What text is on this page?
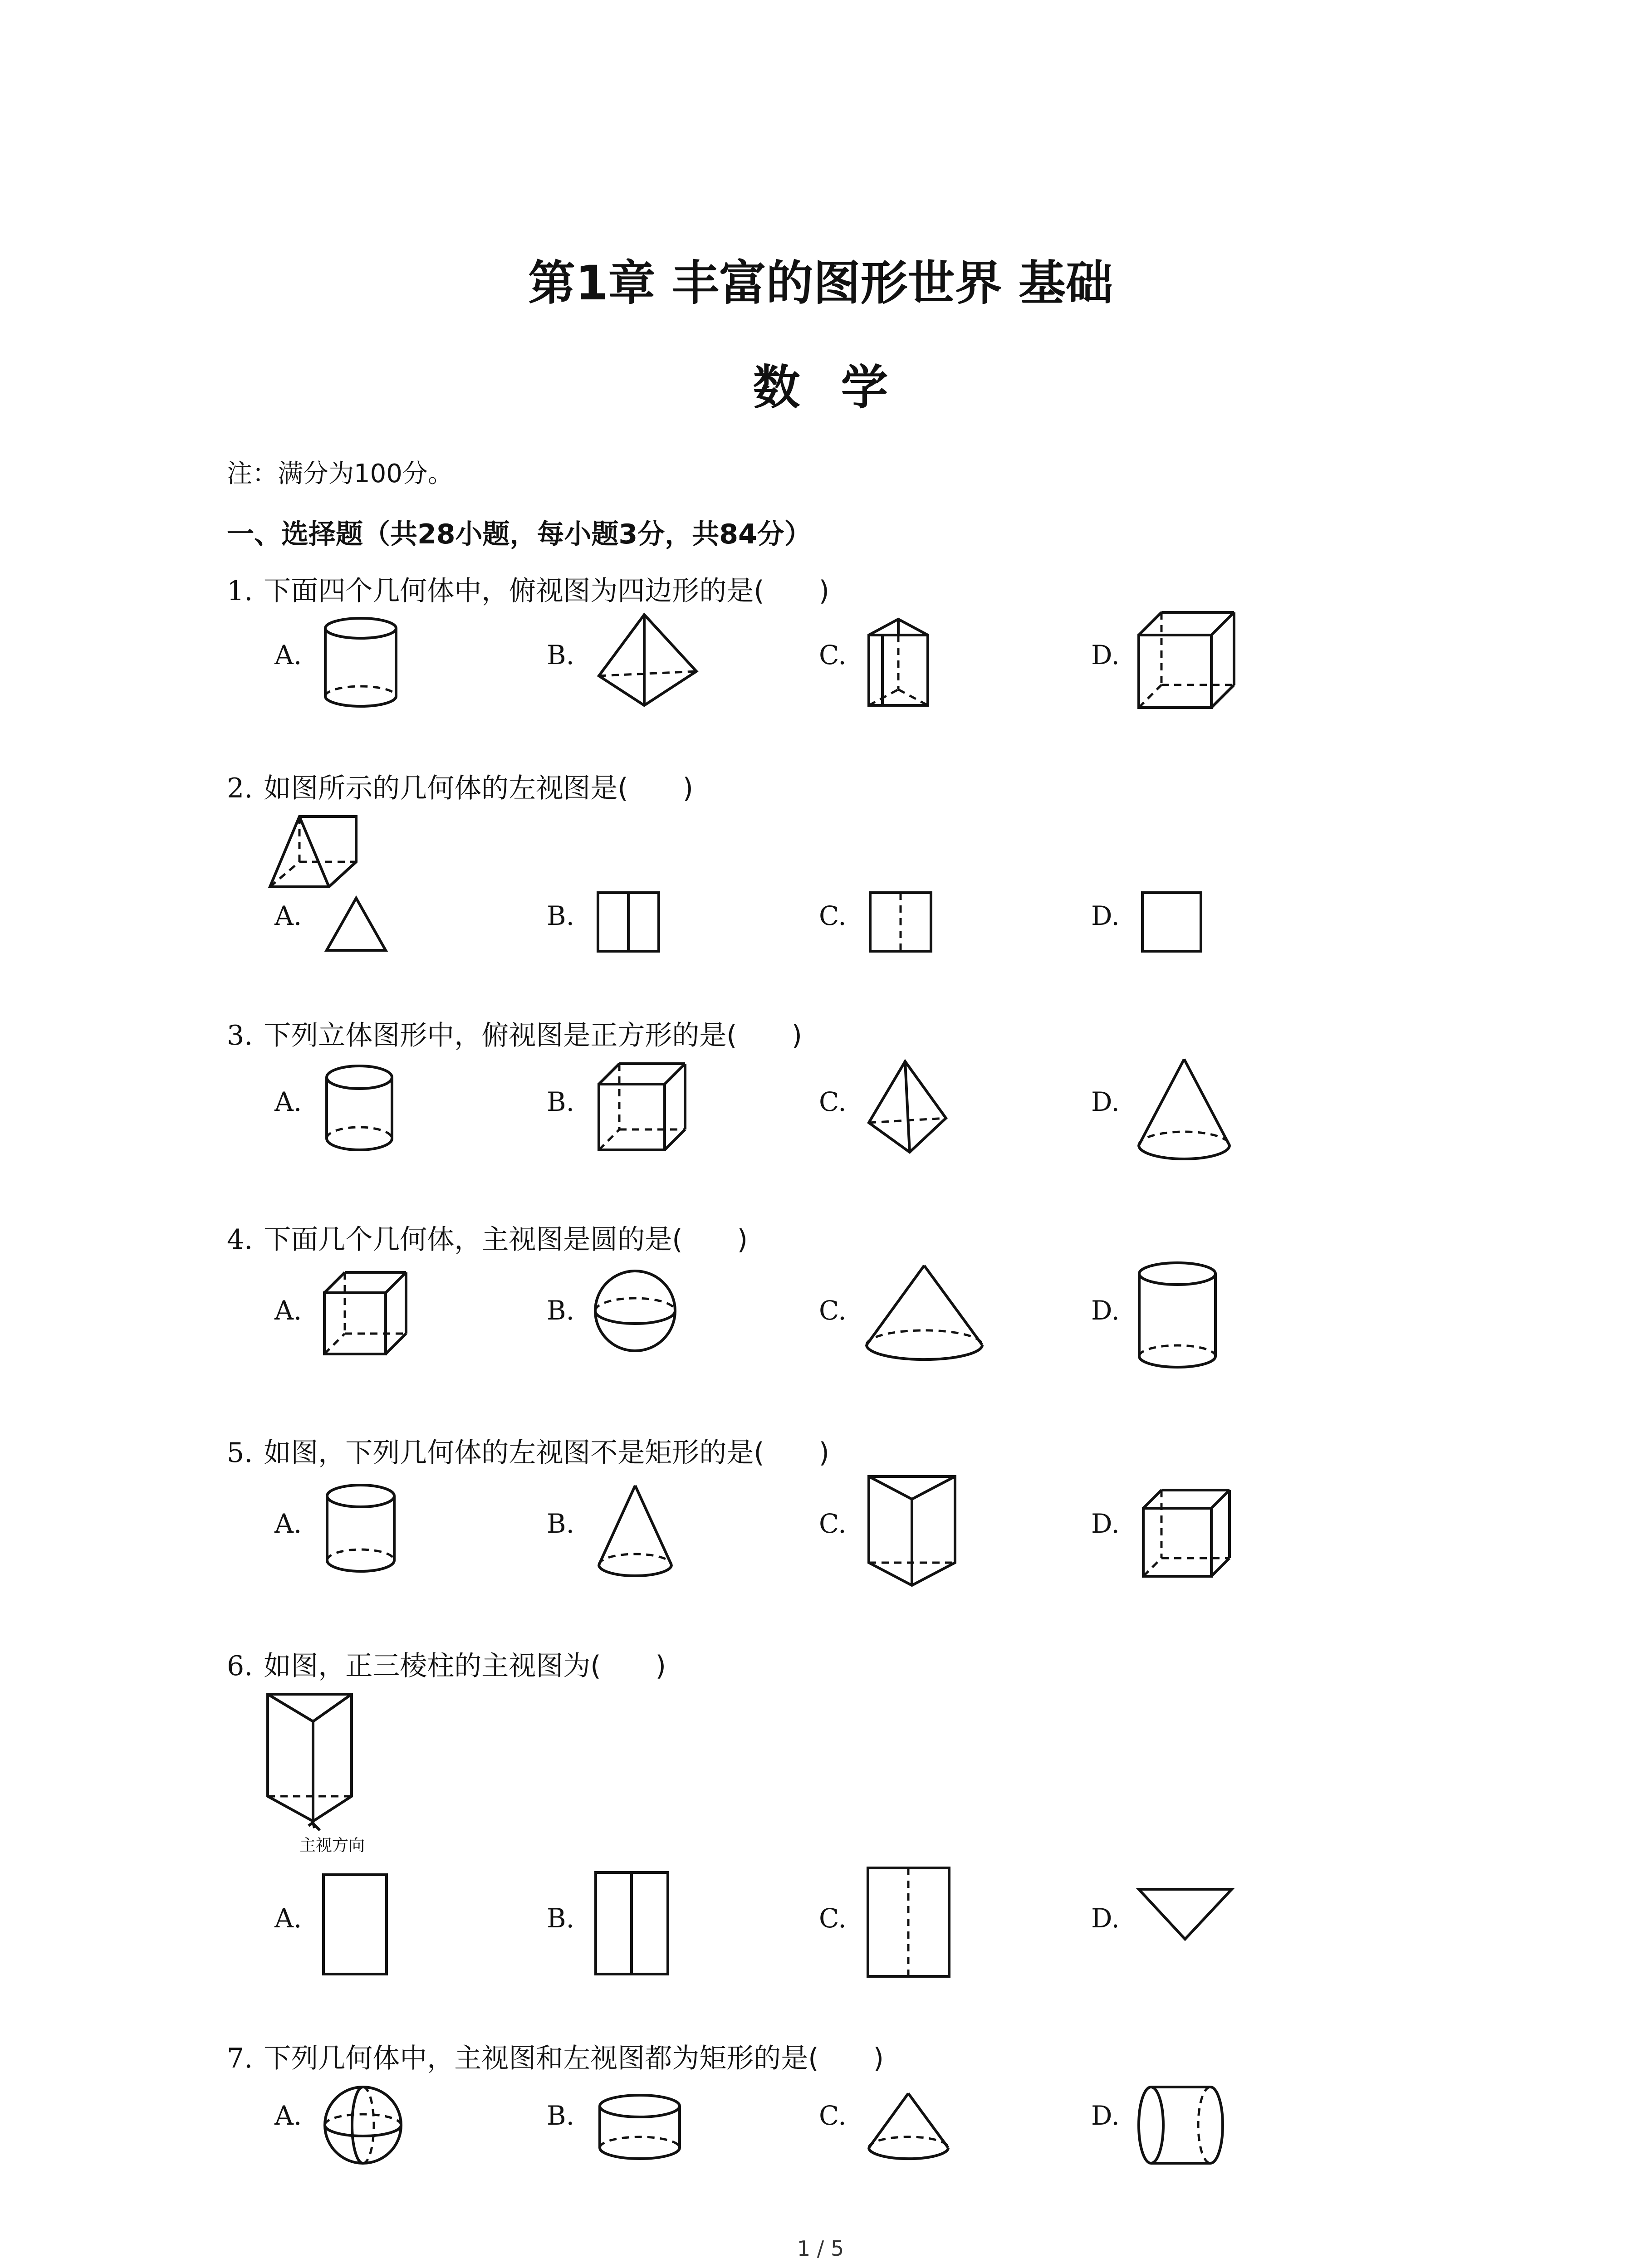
第1章 丰富的图形世界 基础
数学
注：满分为100分。
一、选择题（共28小题，每小题3分，共84分）
1. 下面四个几何体中，俯视图为四边形的是(　　)
A.	B.	C.	D.
2. 如图所示的几何体的左视图是(　　)
A.	B.	C.	D.
3. 下列立体图形中，俯视图是正方形的是(　　)
A.	B.	C.	D.
4. 下面几个几何体，主视图是圆的是(　　)
A.	B.	C.	D.
5. 如图，下列几何体的左视图不是矩形的是(　　)
A.	B.	C.	D.
6. 如图，正三棱柱的主视图为(　　)
主视方向
A.	B.	C.	D.
7. 下列几何体中，主视图和左视图都为矩形的是(　　)
A.	B.	C.	D.
1 / 5
